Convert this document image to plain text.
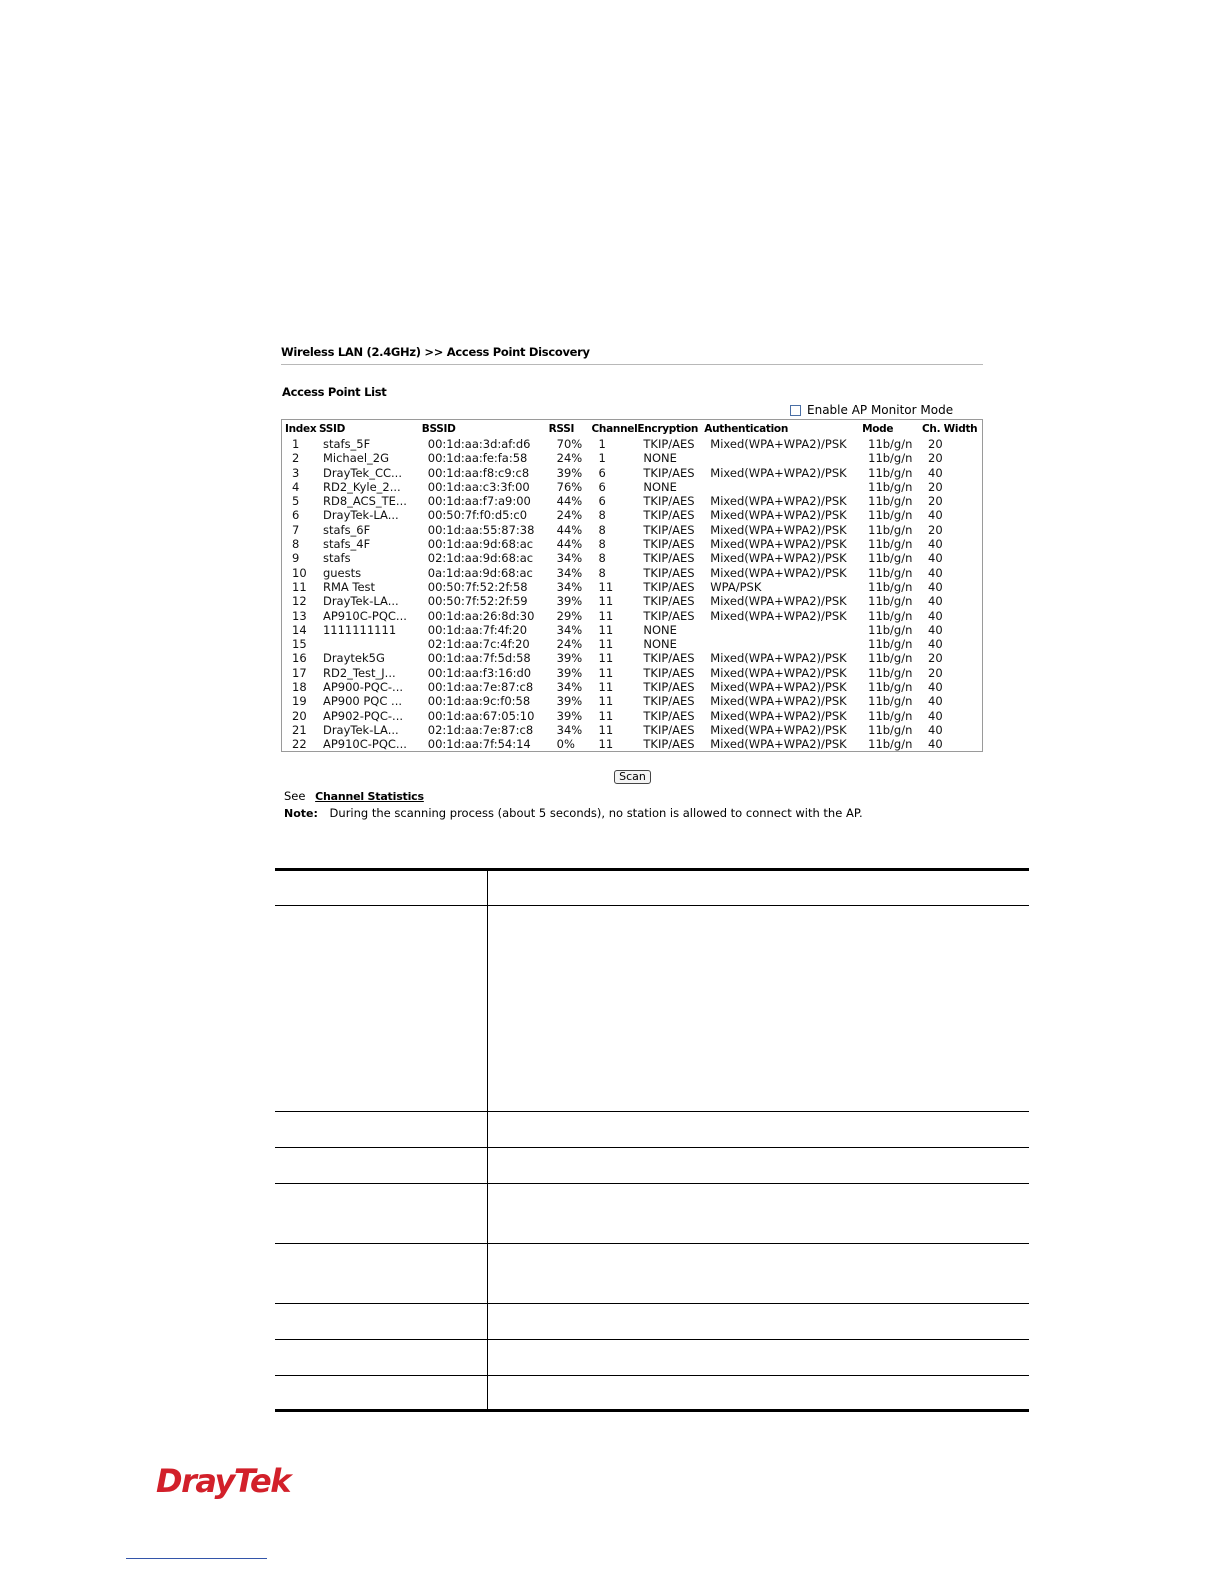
Wireless LAN (2.4GHz) >> Access Point Discovery
Access Point List
Enable AP Monitor Mode
Index	SSID	BSSID	RSSI	Channel	Encryption	Authentication	Mode	Ch. Width
1	stafs_5F	00:1d:aa:3d:af:d6	70%	1	TKIP/AES	Mixed(WPA+WPA2)/PSK	11b/g/n	20
2	Michael_2G	00:1d:aa:fe:fa:58	24%	1	NONE		11b/g/n	20
3	DrayTek_CC...	00:1d:aa:f8:c9:c8	39%	6	TKIP/AES	Mixed(WPA+WPA2)/PSK	11b/g/n	40
4	RD2_Kyle_2...	00:1d:aa:c3:3f:00	76%	6	NONE		11b/g/n	20
5	RD8_ACS_TE...	00:1d:aa:f7:a9:00	44%	6	TKIP/AES	Mixed(WPA+WPA2)/PSK	11b/g/n	20
6	DrayTek-LA...	00:50:7f:f0:d5:c0	24%	8	TKIP/AES	Mixed(WPA+WPA2)/PSK	11b/g/n	40
7	stafs_6F	00:1d:aa:55:87:38	44%	8	TKIP/AES	Mixed(WPA+WPA2)/PSK	11b/g/n	20
8	stafs_4F	00:1d:aa:9d:68:ac	44%	8	TKIP/AES	Mixed(WPA+WPA2)/PSK	11b/g/n	40
9	stafs	02:1d:aa:9d:68:ac	34%	8	TKIP/AES	Mixed(WPA+WPA2)/PSK	11b/g/n	40
10	guests	0a:1d:aa:9d:68:ac	34%	8	TKIP/AES	Mixed(WPA+WPA2)/PSK	11b/g/n	40
11	RMA Test	00:50:7f:52:2f:58	34%	11	TKIP/AES	WPA/PSK	11b/g/n	40
12	DrayTek-LA...	00:50:7f:52:2f:59	39%	11	TKIP/AES	Mixed(WPA+WPA2)/PSK	11b/g/n	40
13	AP910C-PQC...	00:1d:aa:26:8d:30	29%	11	TKIP/AES	Mixed(WPA+WPA2)/PSK	11b/g/n	40
14	1111111111	00:1d:aa:7f:4f:20	34%	11	NONE		11b/g/n	40
15		02:1d:aa:7c:4f:20	24%	11	NONE		11b/g/n	40
16	Draytek5G	00:1d:aa:7f:5d:58	39%	11	TKIP/AES	Mixed(WPA+WPA2)/PSK	11b/g/n	20
17	RD2_Test_J...	00:1d:aa:f3:16:d0	39%	11	TKIP/AES	Mixed(WPA+WPA2)/PSK	11b/g/n	20
18	AP900-PQC-...	00:1d:aa:7e:87:c8	34%	11	TKIP/AES	Mixed(WPA+WPA2)/PSK	11b/g/n	40
19	AP900 PQC ...	00:1d:aa:9c:f0:58	39%	11	TKIP/AES	Mixed(WPA+WPA2)/PSK	11b/g/n	40
20	AP902-PQC-...	00:1d:aa:67:05:10	39%	11	TKIP/AES	Mixed(WPA+WPA2)/PSK	11b/g/n	40
21	DrayTek-LA...	02:1d:aa:7e:87:c8	34%	11	TKIP/AES	Mixed(WPA+WPA2)/PSK	11b/g/n	40
22	AP910C-PQC...	00:1d:aa:7f:54:14	0%	11	TKIP/AES	Mixed(WPA+WPA2)/PSK	11b/g/n	40
Scan
See Channel Statistics
Note: During the scanning process (about 5 seconds), no station is allowed to connect with the AP.
DrayTek
